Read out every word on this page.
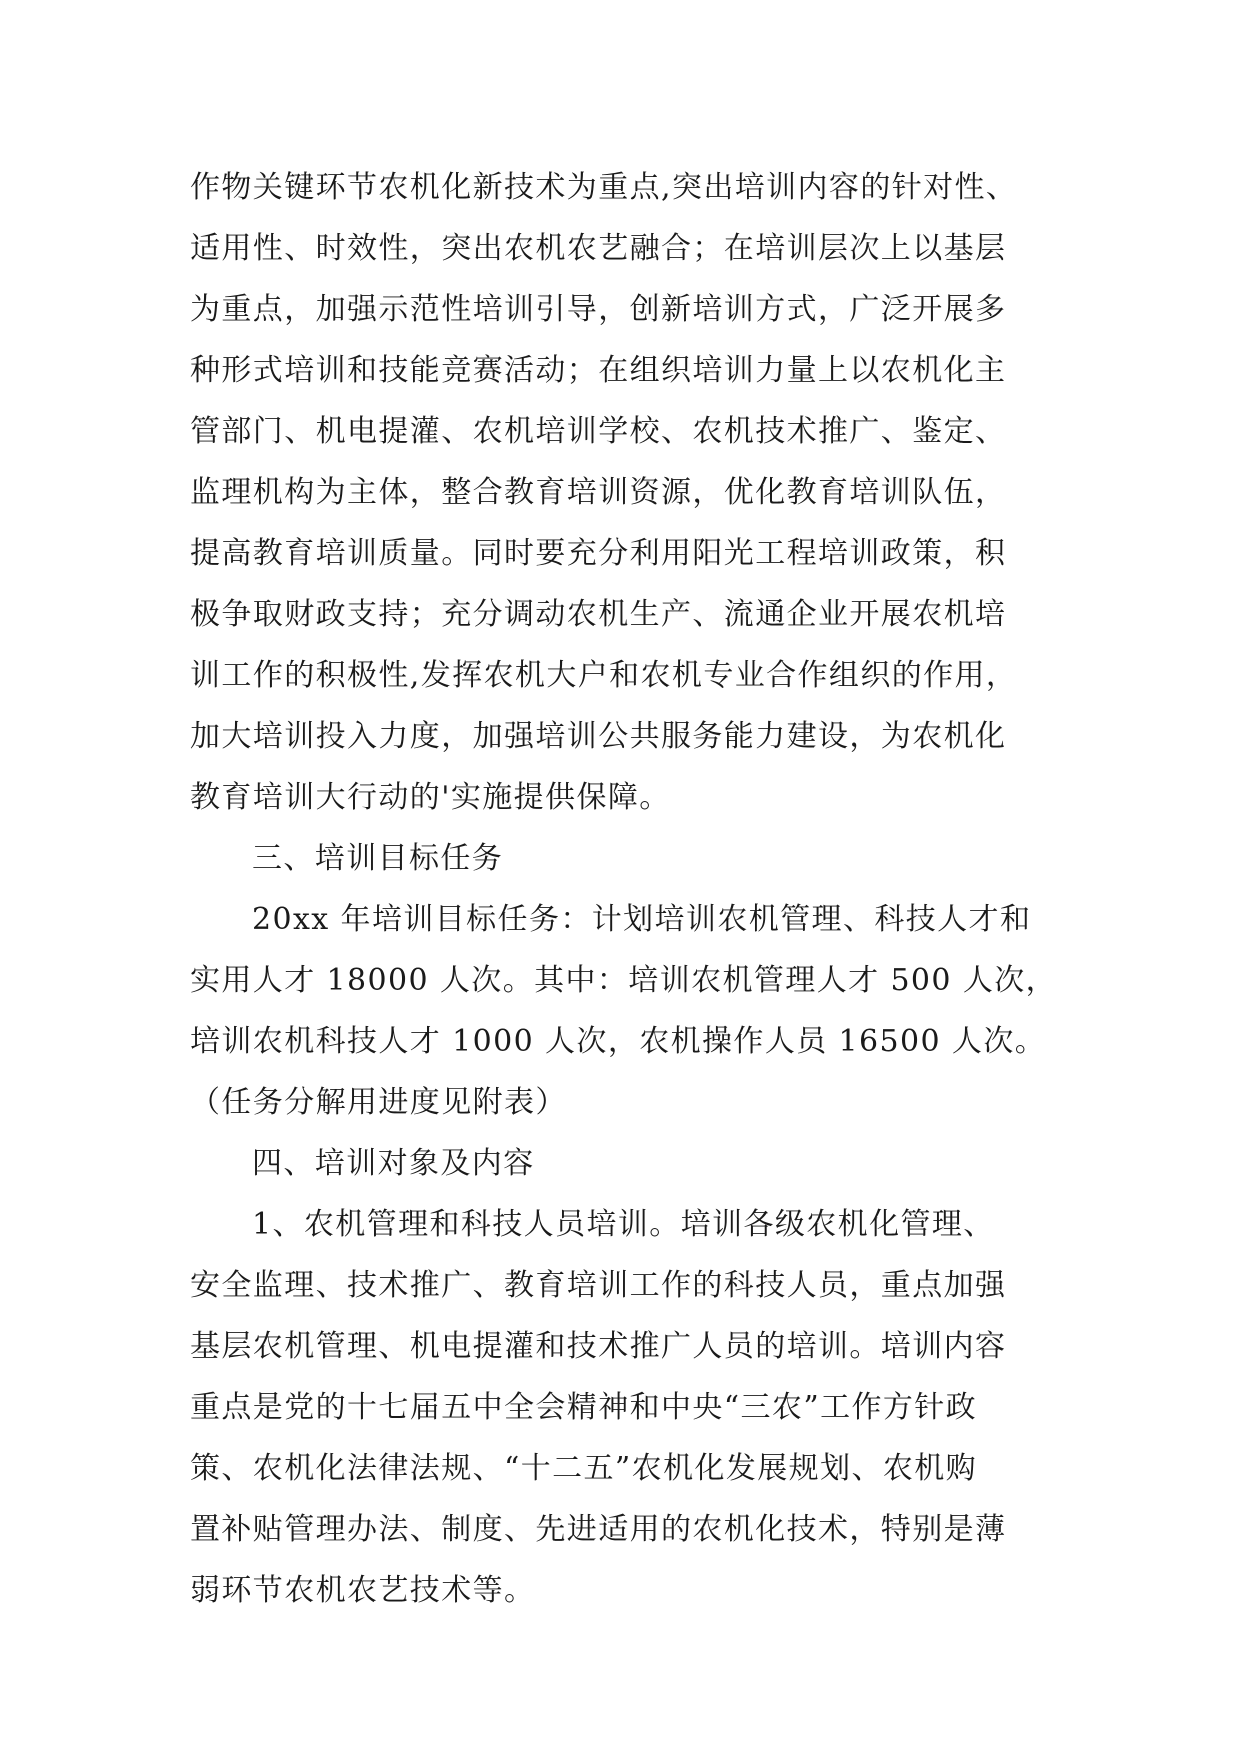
作物关键环节农机化新技术为重点,突出培训内容的针对性、
适用性、时效性，突出农机农艺融合；在培训层次上以基层
为重点，加强示范性培训引导，创新培训方式，广泛开展多
种形式培训和技能竞赛活动；在组织培训力量上以农机化主
管部门、机电提灌、农机培训学校、农机技术推广、鉴定、
监理机构为主体，整合教育培训资源，优化教育培训队伍，
提高教育培训质量。同时要充分利用阳光工程培训政策，积
极争取财政支持；充分调动农机生产、流通企业开展农机培
训工作的积极性,发挥农机大户和农机专业合作组织的作用，
加大培训投入力度，加强培训公共服务能力建设，为农机化
教育培训大行动的'实施提供保障。
三、培训目标任务
20xx 年培训目标任务：计划培训农机管理、科技人才和
实用人才 18000 人次。其中：培训农机管理人才 500 人次，
培训农机科技人才 1000 人次，农机操作人员 16500 人次。
（任务分解用进度见附表）
四、培训对象及内容
1、农机管理和科技人员培训。培训各级农机化管理、
安全监理、技术推广、教育培训工作的科技人员，重点加强
基层农机管理、机电提灌和技术推广人员的培训。培训内容
重点是党的十七届五中全会精神和中央“三农”工作方针政
策、农机化法律法规、“十二五”农机化发展规划、农机购
置补贴管理办法、制度、先进适用的农机化技术，特别是薄
弱环节农机农艺技术等。
